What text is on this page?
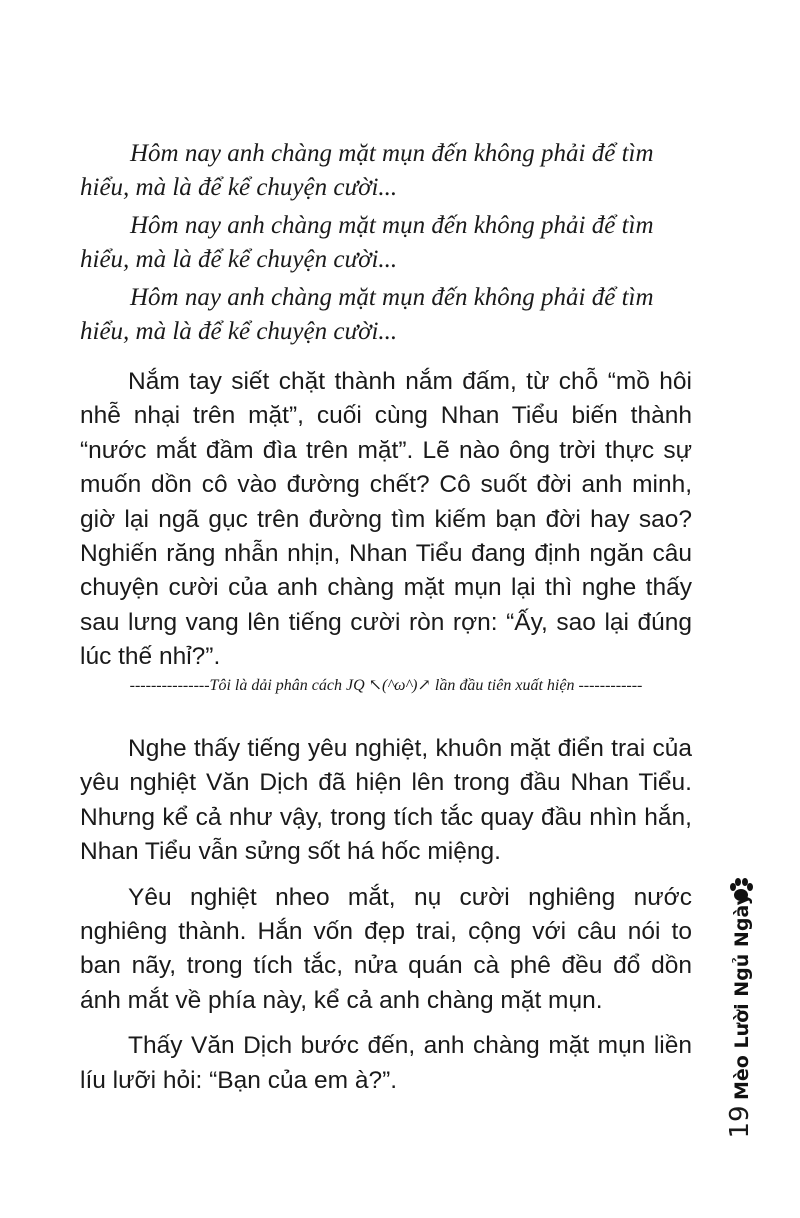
Hôm nay anh chàng mặt mụn đến không phải để tìm hiểu, mà là để kể chuyện cười...

Hôm nay anh chàng mặt mụn đến không phải để tìm hiểu, mà là để kể chuyện cười...

Hôm nay anh chàng mặt mụn đến không phải để tìm hiểu, mà là để kể chuyện cười...

Nắm tay siết chặt thành nắm đấm, từ chỗ “mồ hôi nhễ nhại trên mặt”, cuối cùng Nhan Tiểu biến thành “nước mắt đầm đìa trên mặt”. Lẽ nào ông trời thực sự muốn dồn cô vào đường chết? Cô suốt đời anh minh, giờ lại ngã gục trên đường tìm kiếm bạn đời hay sao? Nghiến răng nhẫn nhịn, Nhan Tiểu đang định ngăn câu chuyện cười của anh chàng mặt mụn lại thì nghe thấy sau lưng vang lên tiếng cười ròn rợn: “Ấy, sao lại đúng lúc thế nhỉ?”.

---------------Tôi là dải phân cách JQ ↖(^ω^)↗ lần đầu tiên xuất hiện ------------

Nghe thấy tiếng yêu nghiệt, khuôn mặt điển trai của yêu nghiệt Văn Dịch đã hiện lên trong đầu Nhan Tiểu. Nhưng kể cả như vậy, trong tích tắc quay đầu nhìn hắn, Nhan Tiểu vẫn sửng sốt há hốc miệng.

Yêu nghiệt nheo mắt, nụ cười nghiêng nước nghiêng thành. Hắn vốn đẹp trai, cộng với câu nói to ban nãy, trong tích tắc, nửa quán cà phê đều đổ dồn ánh mắt về phía này, kể cả anh chàng mặt mụn.

Thấy Văn Dịch bước đến, anh chàng mặt mụn liền líu lưỡi hỏi: “Bạn của em à?”.	Mèo Lười Ngủ Ngày
19
